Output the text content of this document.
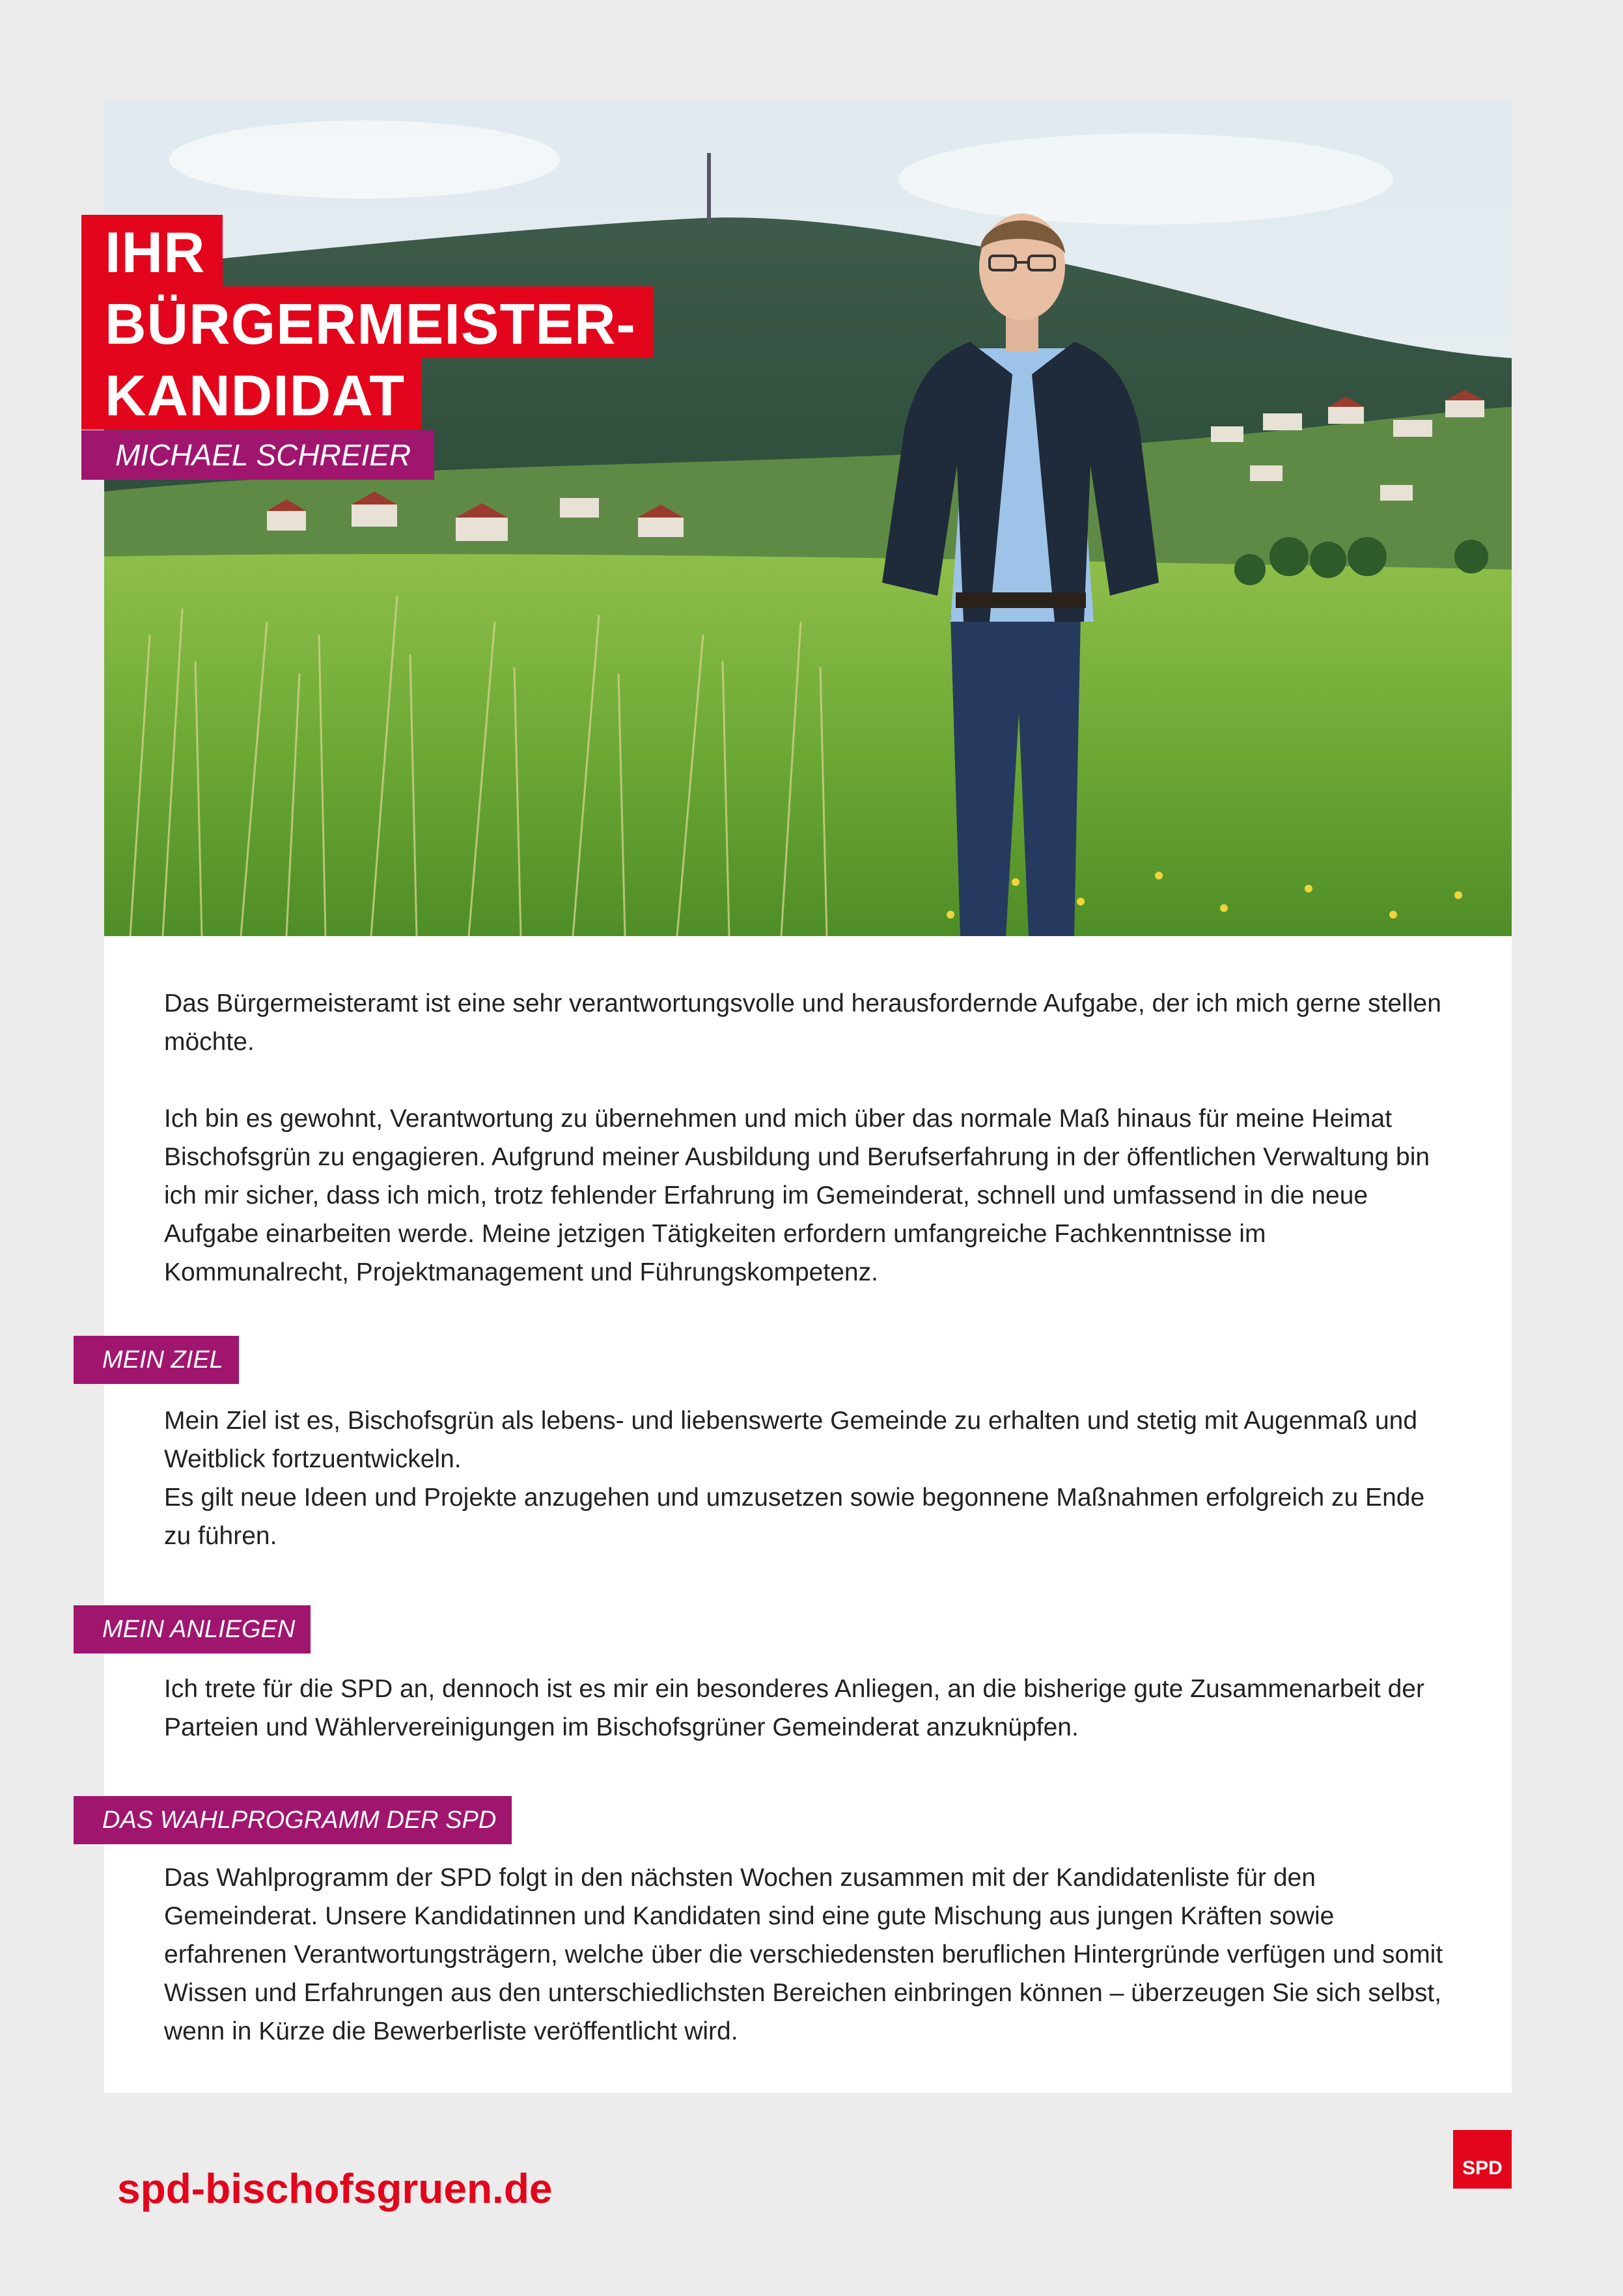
IHR
BÜRGERMEISTER-
KANDIDAT
MICHAEL SCHREIER

Das Bürgermeisteramt ist eine sehr verantwortungsvolle und herausfordernde Aufgabe, der ich mich gerne stellen möchte.

Ich bin es gewohnt, Verantwortung zu übernehmen und mich über das normale Maß hinaus für meine Heimat Bischofsgrün zu engagieren. Aufgrund meiner Ausbildung und Berufserfahrung in der öffentlichen Verwaltung bin ich mir sicher, dass ich mich, trotz fehlender Erfahrung im Gemeinderat, schnell und umfassend in die neue Aufgabe einarbeiten werde. Meine jetzigen Tätigkeiten erfordern umfangreiche Fachkenntnisse im Kommunalrecht, Projektmanagement und Führungskompetenz.

MEIN ZIEL

Mein Ziel ist es, Bischofsgrün als lebens- und liebenswerte Gemeinde zu erhalten und stetig mit Augenmaß und Weitblick fortzuentwickeln.

Es gilt neue Ideen und Projekte anzugehen und umzusetzen sowie begonnene Maßnahmen erfolgreich zu Ende zu führen.

MEIN ANLIEGEN

Ich trete für die SPD an, dennoch ist es mir ein besonderes Anliegen, an die bisherige gute Zusammenarbeit der Parteien und Wählervereinigungen im Bischofsgrüner Gemeinderat anzuknüpfen.

DAS WAHLPROGRAMM DER SPD

Das Wahlprogramm der SPD folgt in den nächsten Wochen zusammen mit der Kandidatenliste für den Gemeinderat. Unsere Kandidatinnen und Kandidaten sind eine gute Mischung aus jungen Kräften sowie erfahrenen Verantwortungsträgern, welche über die verschiedensten beruflichen Hintergründe verfügen und somit Wissen und Erfahrungen aus den unterschiedlichsten Bereichen einbringen können – überzeugen Sie sich selbst, wenn in Kürze die Bewerberliste veröffentlicht wird.

spd-bischofsgruen.de	SPD
